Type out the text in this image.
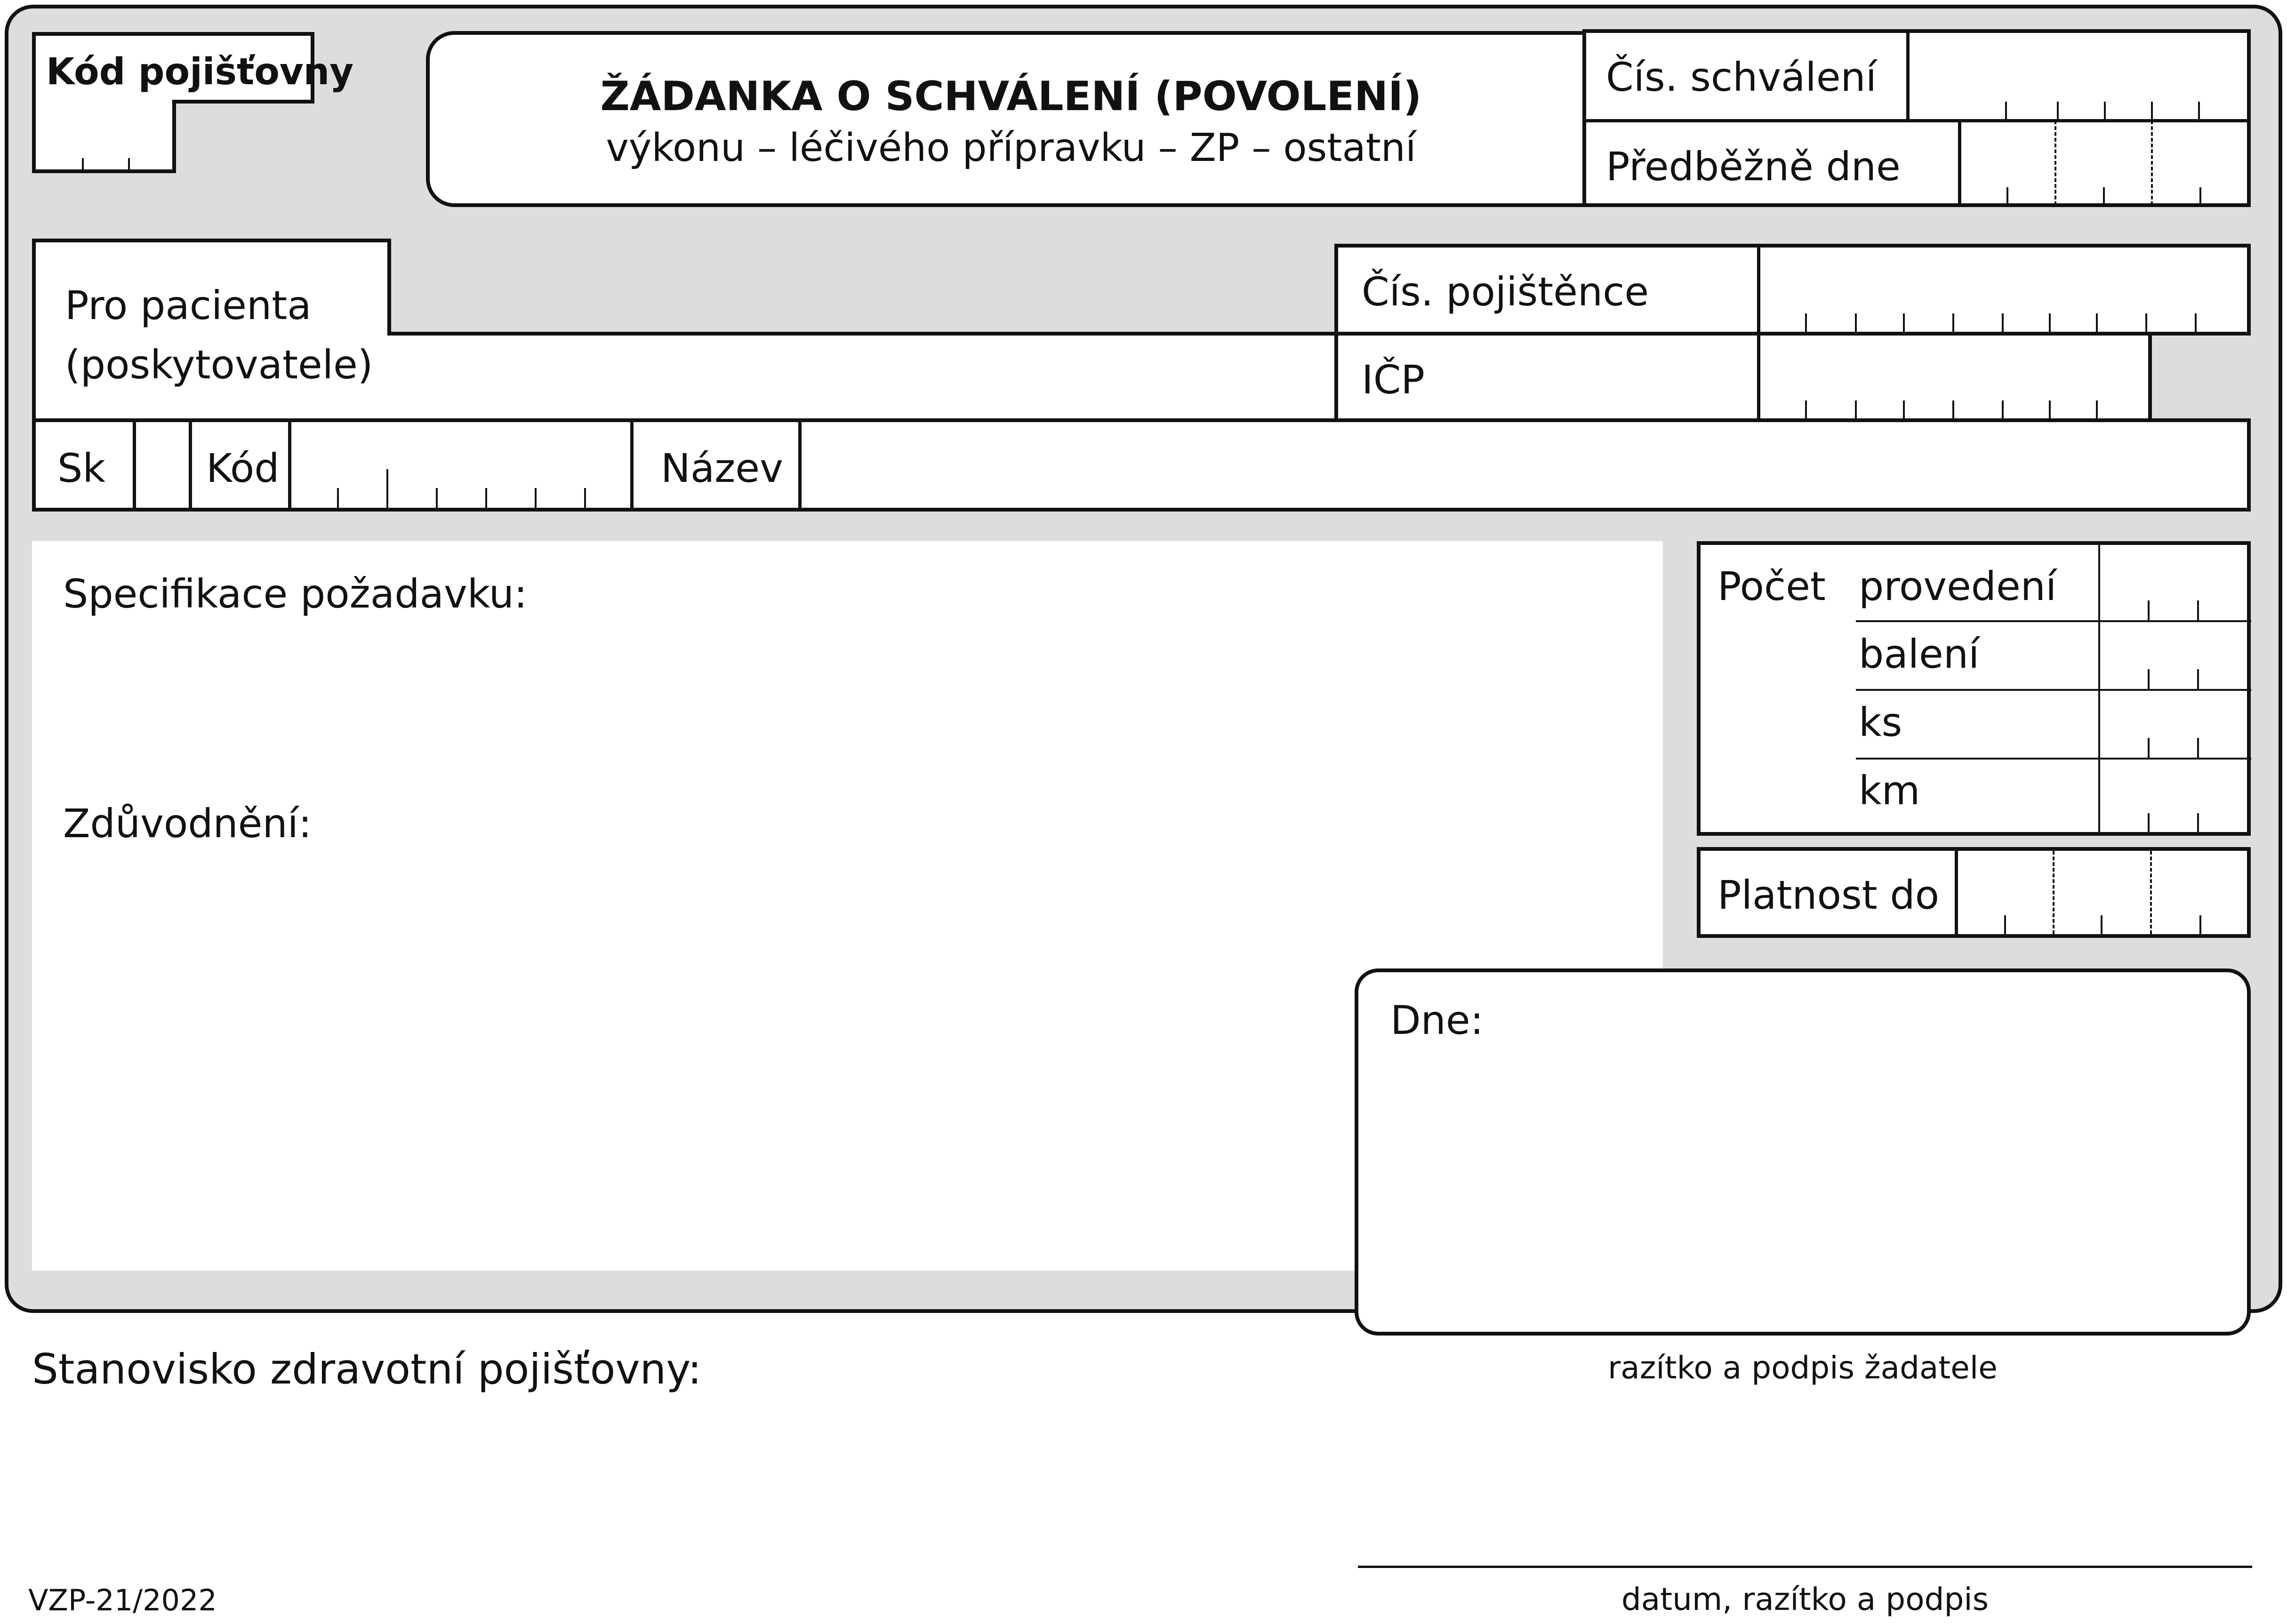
Kód pojišťovny
ŽÁDANKA O SCHVÁLENÍ (POVOLENÍ)
výkonu – léčivého přípravku – ZP – ostatní
Čís. schválení
Předběžně dne
Pro pacienta
(poskytovatele)
Čís. pojištěnce
IČP
Sk	Kód	Název
Specifikace požadavku:
Zdůvodnění:
Počet provedení
balení
ks
km
Platnost do
Dne:
razítko a podpis žadatele
Stanovisko zdravotní pojišťovny:
datum, razítko a podpis
VZP-21/2022
